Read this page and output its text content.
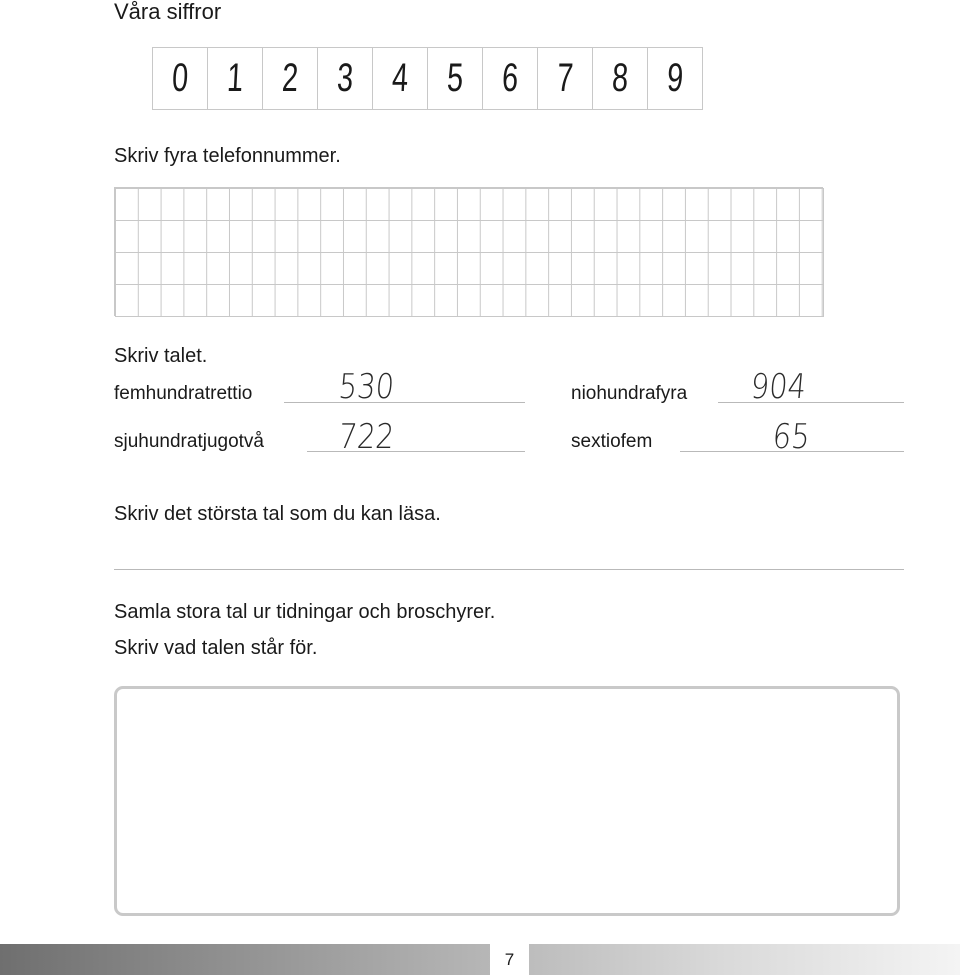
Våra siffror
0 1 2 3 4 5 6 7 8 9
Skriv fyra telefonnummer.
Skriv talet.
femhundratrettio 530	niohundrafyra 904
sjuhundratjugotvå 722	sextiofem	65
Skriv det största tal som du kan läsa.
Samla stora tal ur tidningar och broschyrer.
Skriv vad talen står för.
7
